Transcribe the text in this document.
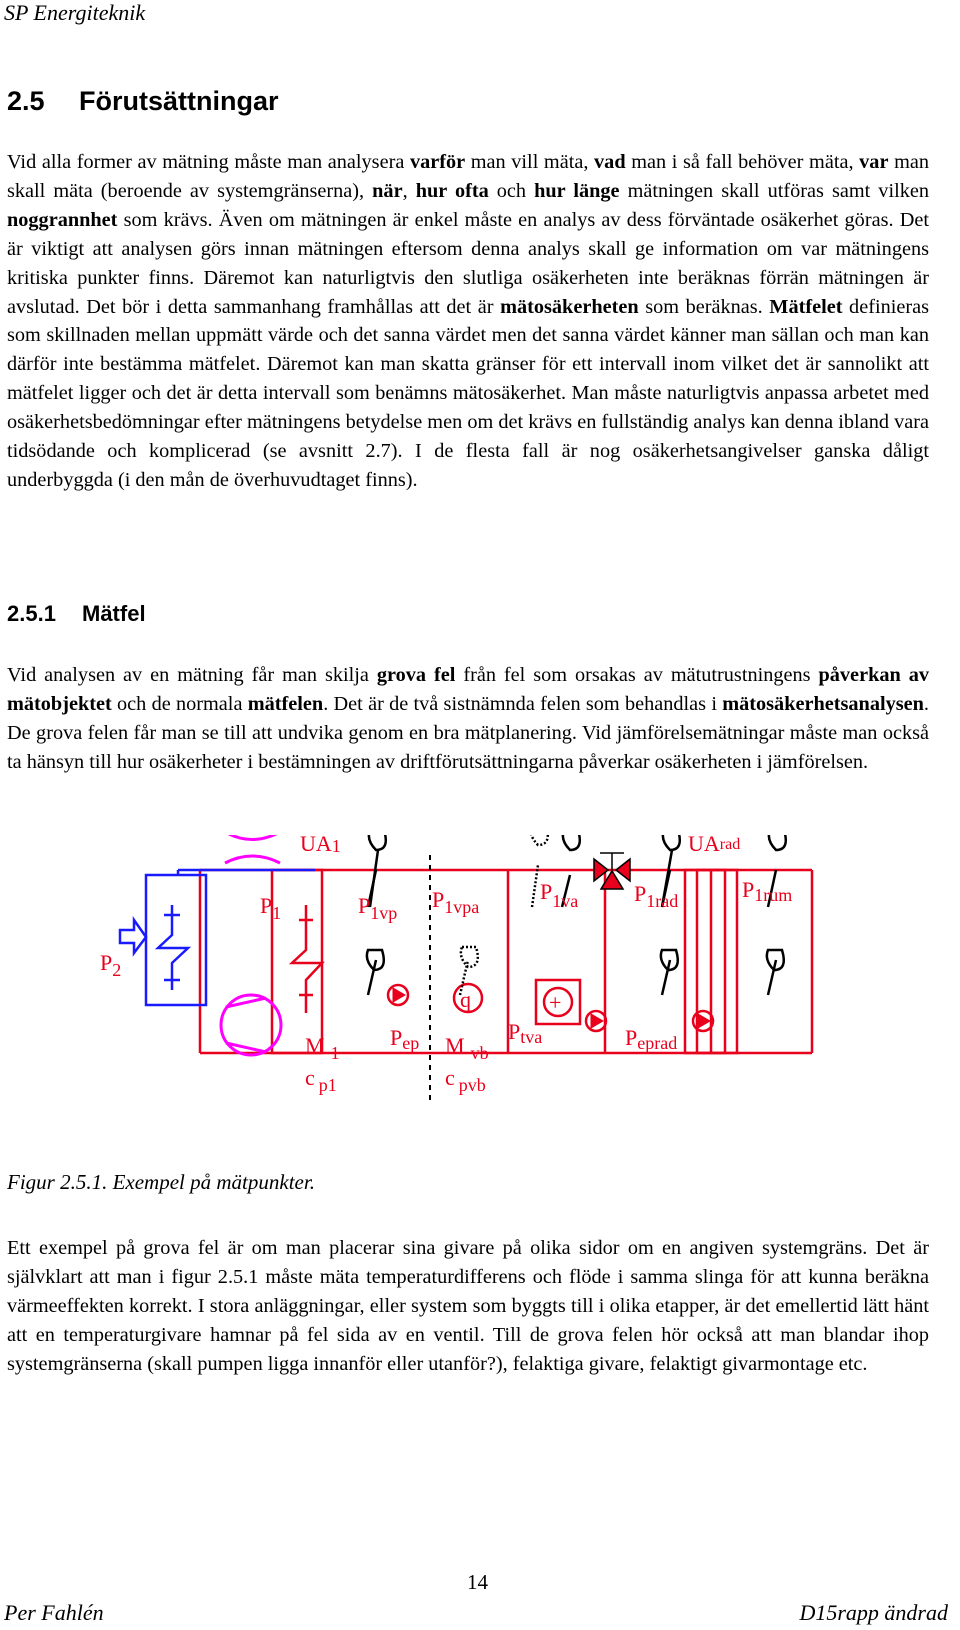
SP Energiteknik
2.5 Förutsättningar

Vid alla former av mätning måste man analysera varför man vill mäta, vad man i så fall behöver mäta, var man skall mäta (beroende av systemgränserna), när, hur ofta och hur länge mätningen skall utföras samt vilken noggrannhet som krävs. Även om mätningen är enkel måste en analys av dess förväntade osäkerhet göras. Det är viktigt att analysen görs innan mätningen eftersom denna analys skall ge information om var mätningens kritiska punkter finns. Däremot kan naturligtvis den slutliga osäkerheten inte beräknas förrän mätningen är avslutad. Det bör i detta sammanhang framhållas att det är mätosäkerheten som beräknas. Mätfelet definieras som skillnaden mellan uppmätt värde och det sanna värdet men det sanna värdet känner man sällan och man kan därför inte bestämma mätfelet. Däremot kan man skatta gränser för ett intervall inom vilket det är sannolikt att mätfelet ligger och det är detta intervall som benämns mätosäkerhet. Man måste naturligtvis anpassa arbetet med osäkerhetsbedömningar efter mätningens betydelse men om det krävs en fullständig analys kan denna ibland vara tidsödande och komplicerad (se avsnitt 2.7). I de flesta fall är nog osäkerhetsangivelser ganska dåligt underbyggda (i den mån de överhuvudtaget finns).

2.5.1 Mätfel

Vid analysen av en mätning får man skilja grova fel från fel som orsakas av mätutrustningens påverkan av mätobjektet och de normala mätfelen. Det är de två sistnämnda felen som behandlas i mätosäkerhetsanalysen. De grova felen får man se till att undvika genom en bra mätplanering. Vid jämförelsemätningar måste man också ta hänsyn till hur osäkerheter i bestämningen av driftförutsättningarna påverkar osäkerheten i jämförelsen.

q	+
UA1	UArad
$P_2$
$P_1$	$P_{1vp}$
$P_{1vpa}$
$P_{1va}$	$P_{1rad}$	P1rum
M $_1$
c $_{p1}$
Pep M $_{vb}$
c $_{pvb}$
Ptva	Peprad
Figur 2.5.1. Exempel på mätpunkter.

Ett exempel på grova fel är om man placerar sina givare på olika sidor om en angiven systemgräns. Det är självklart att man i figur 2.5.1 måste mäta temperaturdifferens och flöde i samma slinga för att kunna beräkna värmeeffekten korrekt. I stora anläggningar, eller system som byggts till i olika etapper, är det emellertid lätt hänt att en temperaturgivare hamnar på fel sida av en ventil. Till de grova felen hör också att man blandar ihop systemgränserna (skall pumpen ligga innanför eller utanför?), felaktiga givare, felaktigt givarmontage etc.

14
Per Fahlén	D15rapp ändrad
